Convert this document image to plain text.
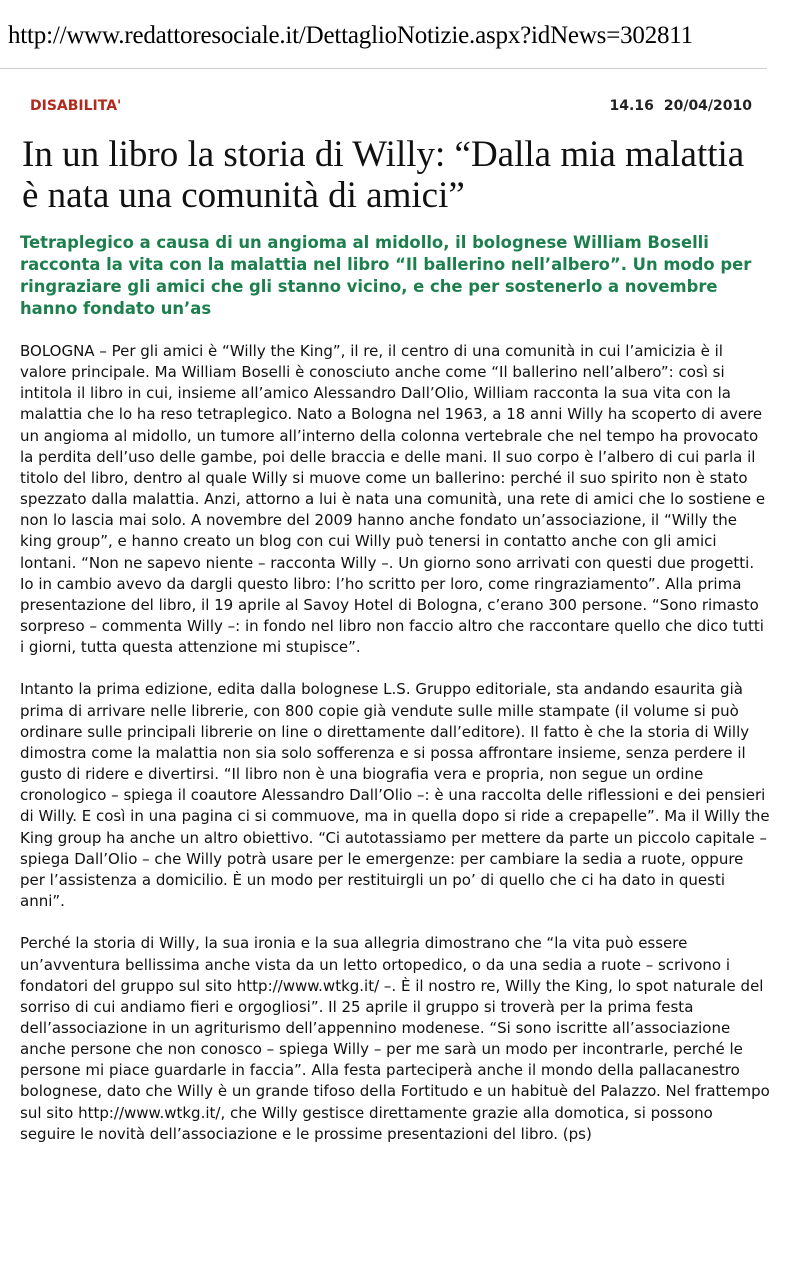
http://www.redattoresociale.it/DettaglioNotizie.aspx?idNews=302811
DISABILITA'	14.16 20/04/2010
In un libro la storia di Willy: “Dalla mia malattia è nata una comunità di amici”

Tetraplegico a causa di un angioma al midollo, il bolognese William Boselli racconta la vita con la malattia nel libro “Il ballerino nell’albero”. Un modo per ringraziare gli amici che gli stanno vicino, e che per sostenerlo a novembre hanno fondato un’as

BOLOGNA – Per gli amici è “Willy the King”, il re, il centro di una comunità in cui l’amicizia è il valore principale. Ma William Boselli è conosciuto anche come “Il ballerino nell’albero”: così si intitola il libro in cui, insieme all’amico Alessandro Dall’Olio, William racconta la sua vita con la malattia che lo ha reso tetraplegico. Nato a Bologna nel 1963, a 18 anni Willy ha scoperto di avere un angioma al midollo, un tumore all’interno della colonna vertebrale che nel tempo ha provocato la perdita dell’uso delle gambe, poi delle braccia e delle mani. Il suo corpo è l’albero di cui parla il titolo del libro, dentro al quale Willy si muove come un ballerino: perché il suo spirito non è stato spezzato dalla malattia. Anzi, attorno a lui è nata una comunità, una rete di amici che lo sostiene e non lo lascia mai solo. A novembre del 2009 hanno anche fondato un’associazione, il “Willy the king group”, e hanno creato un blog con cui Willy può tenersi in contatto anche con gli amici lontani. “Non ne sapevo niente – racconta Willy –. Un giorno sono arrivati con questi due progetti. Io in cambio avevo da dargli questo libro: l’ho scritto per loro, come ringraziamento”. Alla prima presentazione del libro, il 19 aprile al Savoy Hotel di Bologna, c’erano 300 persone. “Sono rimasto sorpreso – commenta Willy –: in fondo nel libro non faccio altro che raccontare quello che dico tutti i giorni, tutta questa attenzione mi stupisce”.

Intanto la prima edizione, edita dalla bolognese L.S. Gruppo editoriale, sta andando esaurita già prima di arrivare nelle librerie, con 800 copie già vendute sulle mille stampate (il volume si può ordinare sulle principali librerie on line o direttamente dall’editore). Il fatto è che la storia di Willy dimostra come la malattia non sia solo sofferenza e si possa affrontare insieme, senza perdere il gusto di ridere e divertirsi. “Il libro non è una biografia vera e propria, non segue un ordine cronologico – spiega il coautore Alessandro Dall’Olio –: è una raccolta delle riflessioni e dei pensieri di Willy. E così in una pagina ci si commuove, ma in quella dopo si ride a crepapelle”. Ma il Willy the King group ha anche un altro obiettivo. “Ci autotassiamo per mettere da parte un piccolo capitale – spiega Dall’Olio – che Willy potrà usare per le emergenze: per cambiare la sedia a ruote, oppure per l’assistenza a domicilio. È un modo per restituirgli un po’ di quello che ci ha dato in questi anni”.

Perché la storia di Willy, la sua ironia e la sua allegria dimostrano che “la vita può essere un’avventura bellissima anche vista da un letto ortopedico, o da una sedia a ruote – scrivono i fondatori del gruppo sul sito http://www.wtkg.it/ –. È il nostro re, Willy the King, lo spot naturale del sorriso di cui andiamo fieri e orgogliosi”. Il 25 aprile il gruppo si troverà per la prima festa dell’associazione in un agriturismo dell’appennino modenese. “Si sono iscritte all’associazione anche persone che non conosco – spiega Willy – per me sarà un modo per incontrarle, perché le persone mi piace guardarle in faccia”. Alla festa parteciperà anche il mondo della pallacanestro bolognese, dato che Willy è un grande tifoso della Fortitudo e un habituè del Palazzo. Nel frattempo sul sito http://www.wtkg.it/, che Willy gestisce direttamente grazie alla domotica, si possono seguire le novità dell’associazione e le prossime presentazioni del libro. (ps)
